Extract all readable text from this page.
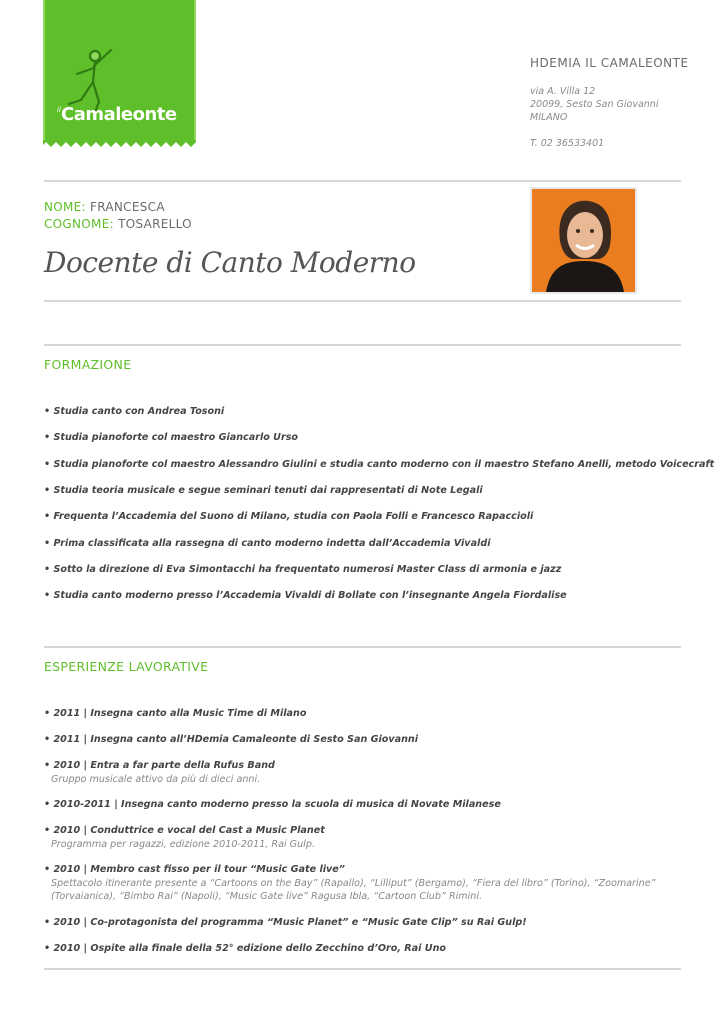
il Camaleonte
HDEMIA IL CAMALEONTE
via A. Villa 12
20099, Sesto San Giovanni
MILANO
T. 02 36533401
NOME: FRANCESCA
COGNOME: TOSARELLO
Docente di Canto Moderno
FORMAZIONE
• Studia canto con Andrea Tosoni
• Studia pianoforte col maestro Giancarlo Urso
• Studia pianoforte col maestro Alessandro Giulini e studia canto moderno con il maestro Stefano Anelli, metodo Voicecraft
• Studia teoria musicale e segue seminari tenuti dai rappresentati di Note Legali
• Frequenta l’Accademia del Suono di Milano, studia con Paola Folli e Francesco Rapaccioli
• Prima classificata alla rassegna di canto moderno indetta dall’Accademia Vivaldi
• Sotto la direzione di Eva Simontacchi ha frequentato numerosi Master Class di armonia e jazz
• Studia canto moderno presso l’Accademia Vivaldi di Bollate con l’insegnante Angela Fiordalise
ESPERIENZE LAVORATIVE
• 2011 | Insegna canto alla Music Time di Milano
• 2011 | Insegna canto all’HDemia Camaleonte di Sesto San Giovanni
• 2010 | Entra a far parte della Rufus Band
Gruppo musicale attivo da più di dieci anni.
• 2010-2011 | Insegna canto moderno presso la scuola di musica di Novate Milanese
• 2010 | Conduttrice e vocal del Cast a Music Planet
Programma per ragazzi, edizione 2010-2011, Rai Gulp.
• 2010 | Membro cast fisso per il tour “Music Gate live”
Spettacolo itinerante presente a “Cartoons on the Bay” (Rapallo), “Lilliput” (Bergamo), “Fiera del libro” (Torino), “Zoomarine” (Torvaianica), “Bimbo Rai” (Napoli), “Music Gate live” Ragusa Ibla, “Cartoon Club” Rimini.
• 2010 | Co-protagonista del programma “Music Planet” e “Music Gate Clip” su Rai Gulp!
• 2010 | Ospite alla finale della 52° edizione dello Zecchino d’Oro, Rai Uno
